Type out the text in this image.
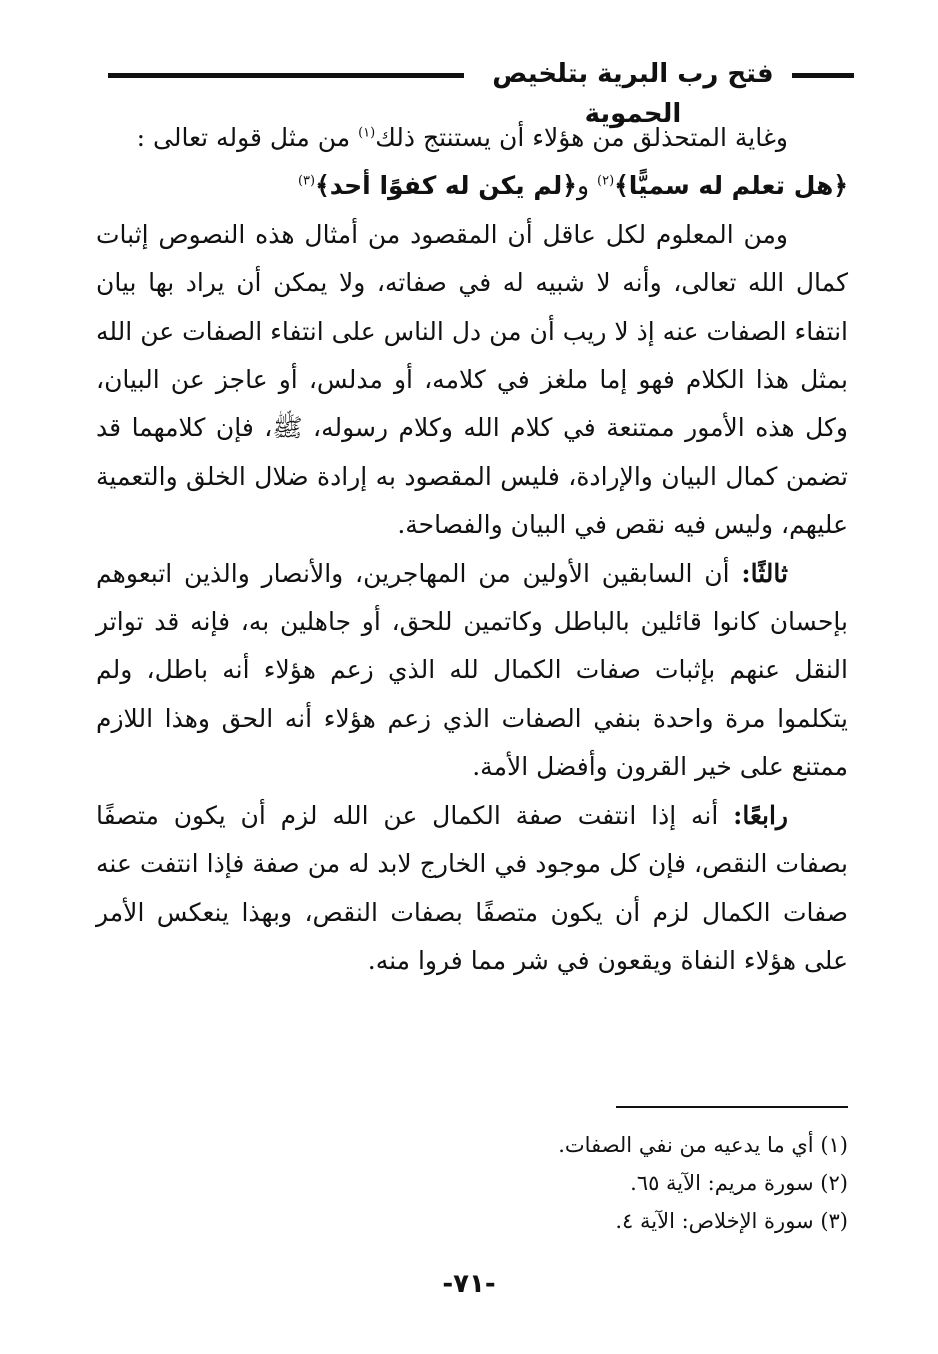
فتح رب البرية بتلخيص الحموية

وغاية المتحذلق من هؤلاء أن يستنتج ذلك$^{(١)}$ من مثل قوله تعالى :
﴿هل تعلم له سميًّا﴾$^{(٢)}$ و﴿لم يكن له كفوًا أحد﴾$^{(٣)}$

ومن المعلوم لكل عاقل أن المقصود من أمثال هذه النصوص إثبات كمال الله تعالى، وأنه لا شبيه له في صفاته، ولا يمكن أن يراد بها بيان انتفاء الصفات عنه إذ لا ريب أن من دل الناس على انتفاء الصفات عن الله بمثل هذا الكلام فهو إما ملغز في كلامه، أو مدلس، أو عاجز عن البيان، وكل هذه الأمور ممتنعة في كلام الله وكلام رسوله، ﷺ، فإن كلامهما قد تضمن كمال البيان والإرادة، فليس المقصود به إرادة ضلال الخلق والتعمية عليهم، وليس فيه نقص في البيان والفصاحة.

ثالثًا: أن السابقين الأولين من المهاجرين، والأنصار والذين اتبعوهم بإحسان كانوا قائلين بالباطل وكاتمين للحق، أو جاهلين به، فإنه قد تواتر النقل عنهم بإثبات صفات الكمال لله الذي زعم هؤلاء أنه باطل، ولم يتكلموا مرة واحدة بنفي الصفات الذي زعم هؤلاء أنه الحق وهذا اللازم ممتنع على خير القرون وأفضل الأمة.

رابعًا: أنه إذا انتفت صفة الكمال عن الله لزم أن يكون متصفًا بصفات النقص، فإن كل موجود في الخارج لابد له من صفة فإذا انتفت عنه صفات الكمال لزم أن يكون متصفًا بصفات النقص، وبهذا ينعكس الأمر على هؤلاء النفاة ويقعون في شر مما فروا منه.

(١) أي ما يدعيه من نفي الصفات.

(٢) سورة مريم: الآية ٦٥.

(٣) سورة الإخلاص: الآية ٤.

-٧١-
